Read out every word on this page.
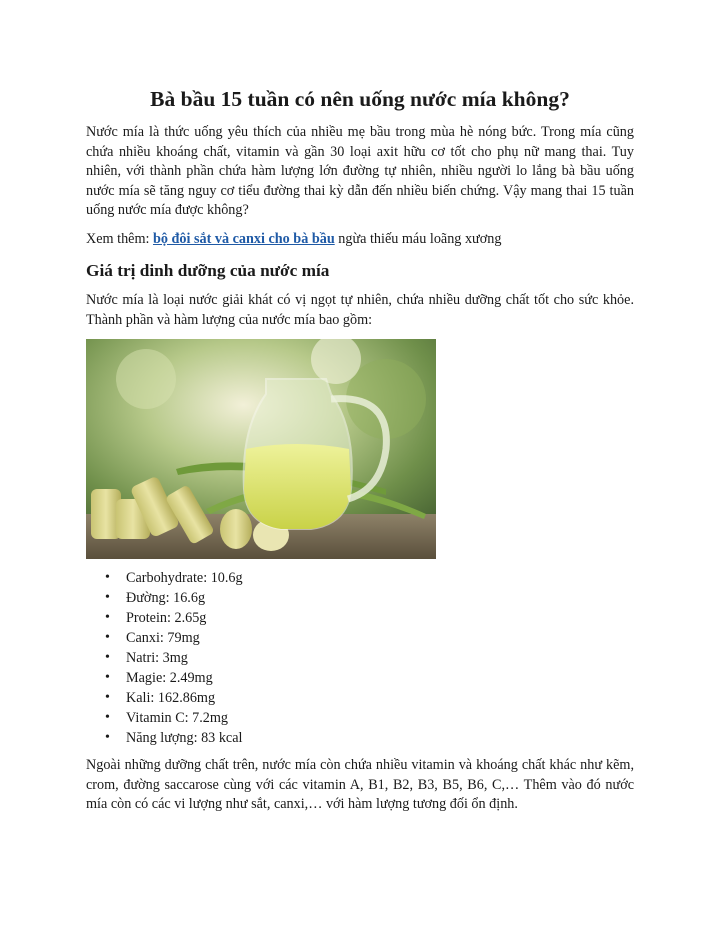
Bà bầu 15 tuần có nên uống nước mía không?

Nước mía là thức uống yêu thích của nhiều mẹ bầu trong mùa hè nóng bức. Trong mía cũng chứa nhiều khoáng chất, vitamin và gần 30 loại axit hữu cơ tốt cho phụ nữ mang thai. Tuy nhiên, với thành phần chứa hàm lượng lớn đường tự nhiên, nhiều người lo lắng bà bầu uống nước mía sẽ tăng nguy cơ tiểu đường thai kỳ dẫn đến nhiều biến chứng. Vậy mang thai 15 tuần uống nước mía được không?

Xem thêm: bộ đôi sắt và canxi cho bà bầu ngừa thiếu máu loãng xương

Giá trị dinh dưỡng của nước mía

Nước mía là loại nước giải khát có vị ngọt tự nhiên, chứa nhiều dưỡng chất tốt cho sức khỏe. Thành phần và hàm lượng của nước mía bao gồm:

• Carbohydrate: 10.6g
• Đường: 16.6g
• Protein: 2.65g
• Canxi: 79mg
• Natri: 3mg
• Magie: 2.49mg
• Kali: 162.86mg
• Vitamin C: 7.2mg
• Năng lượng: 83 kcal

Ngoài những dưỡng chất trên, nước mía còn chứa nhiều vitamin và khoáng chất khác như kẽm, crom, đường saccarose cùng với các vitamin A, B1, B2, B3, B5, B6, C,… Thêm vào đó nước mía còn có các vi lượng như sắt, canxi,… với hàm lượng tương đối ổn định.
